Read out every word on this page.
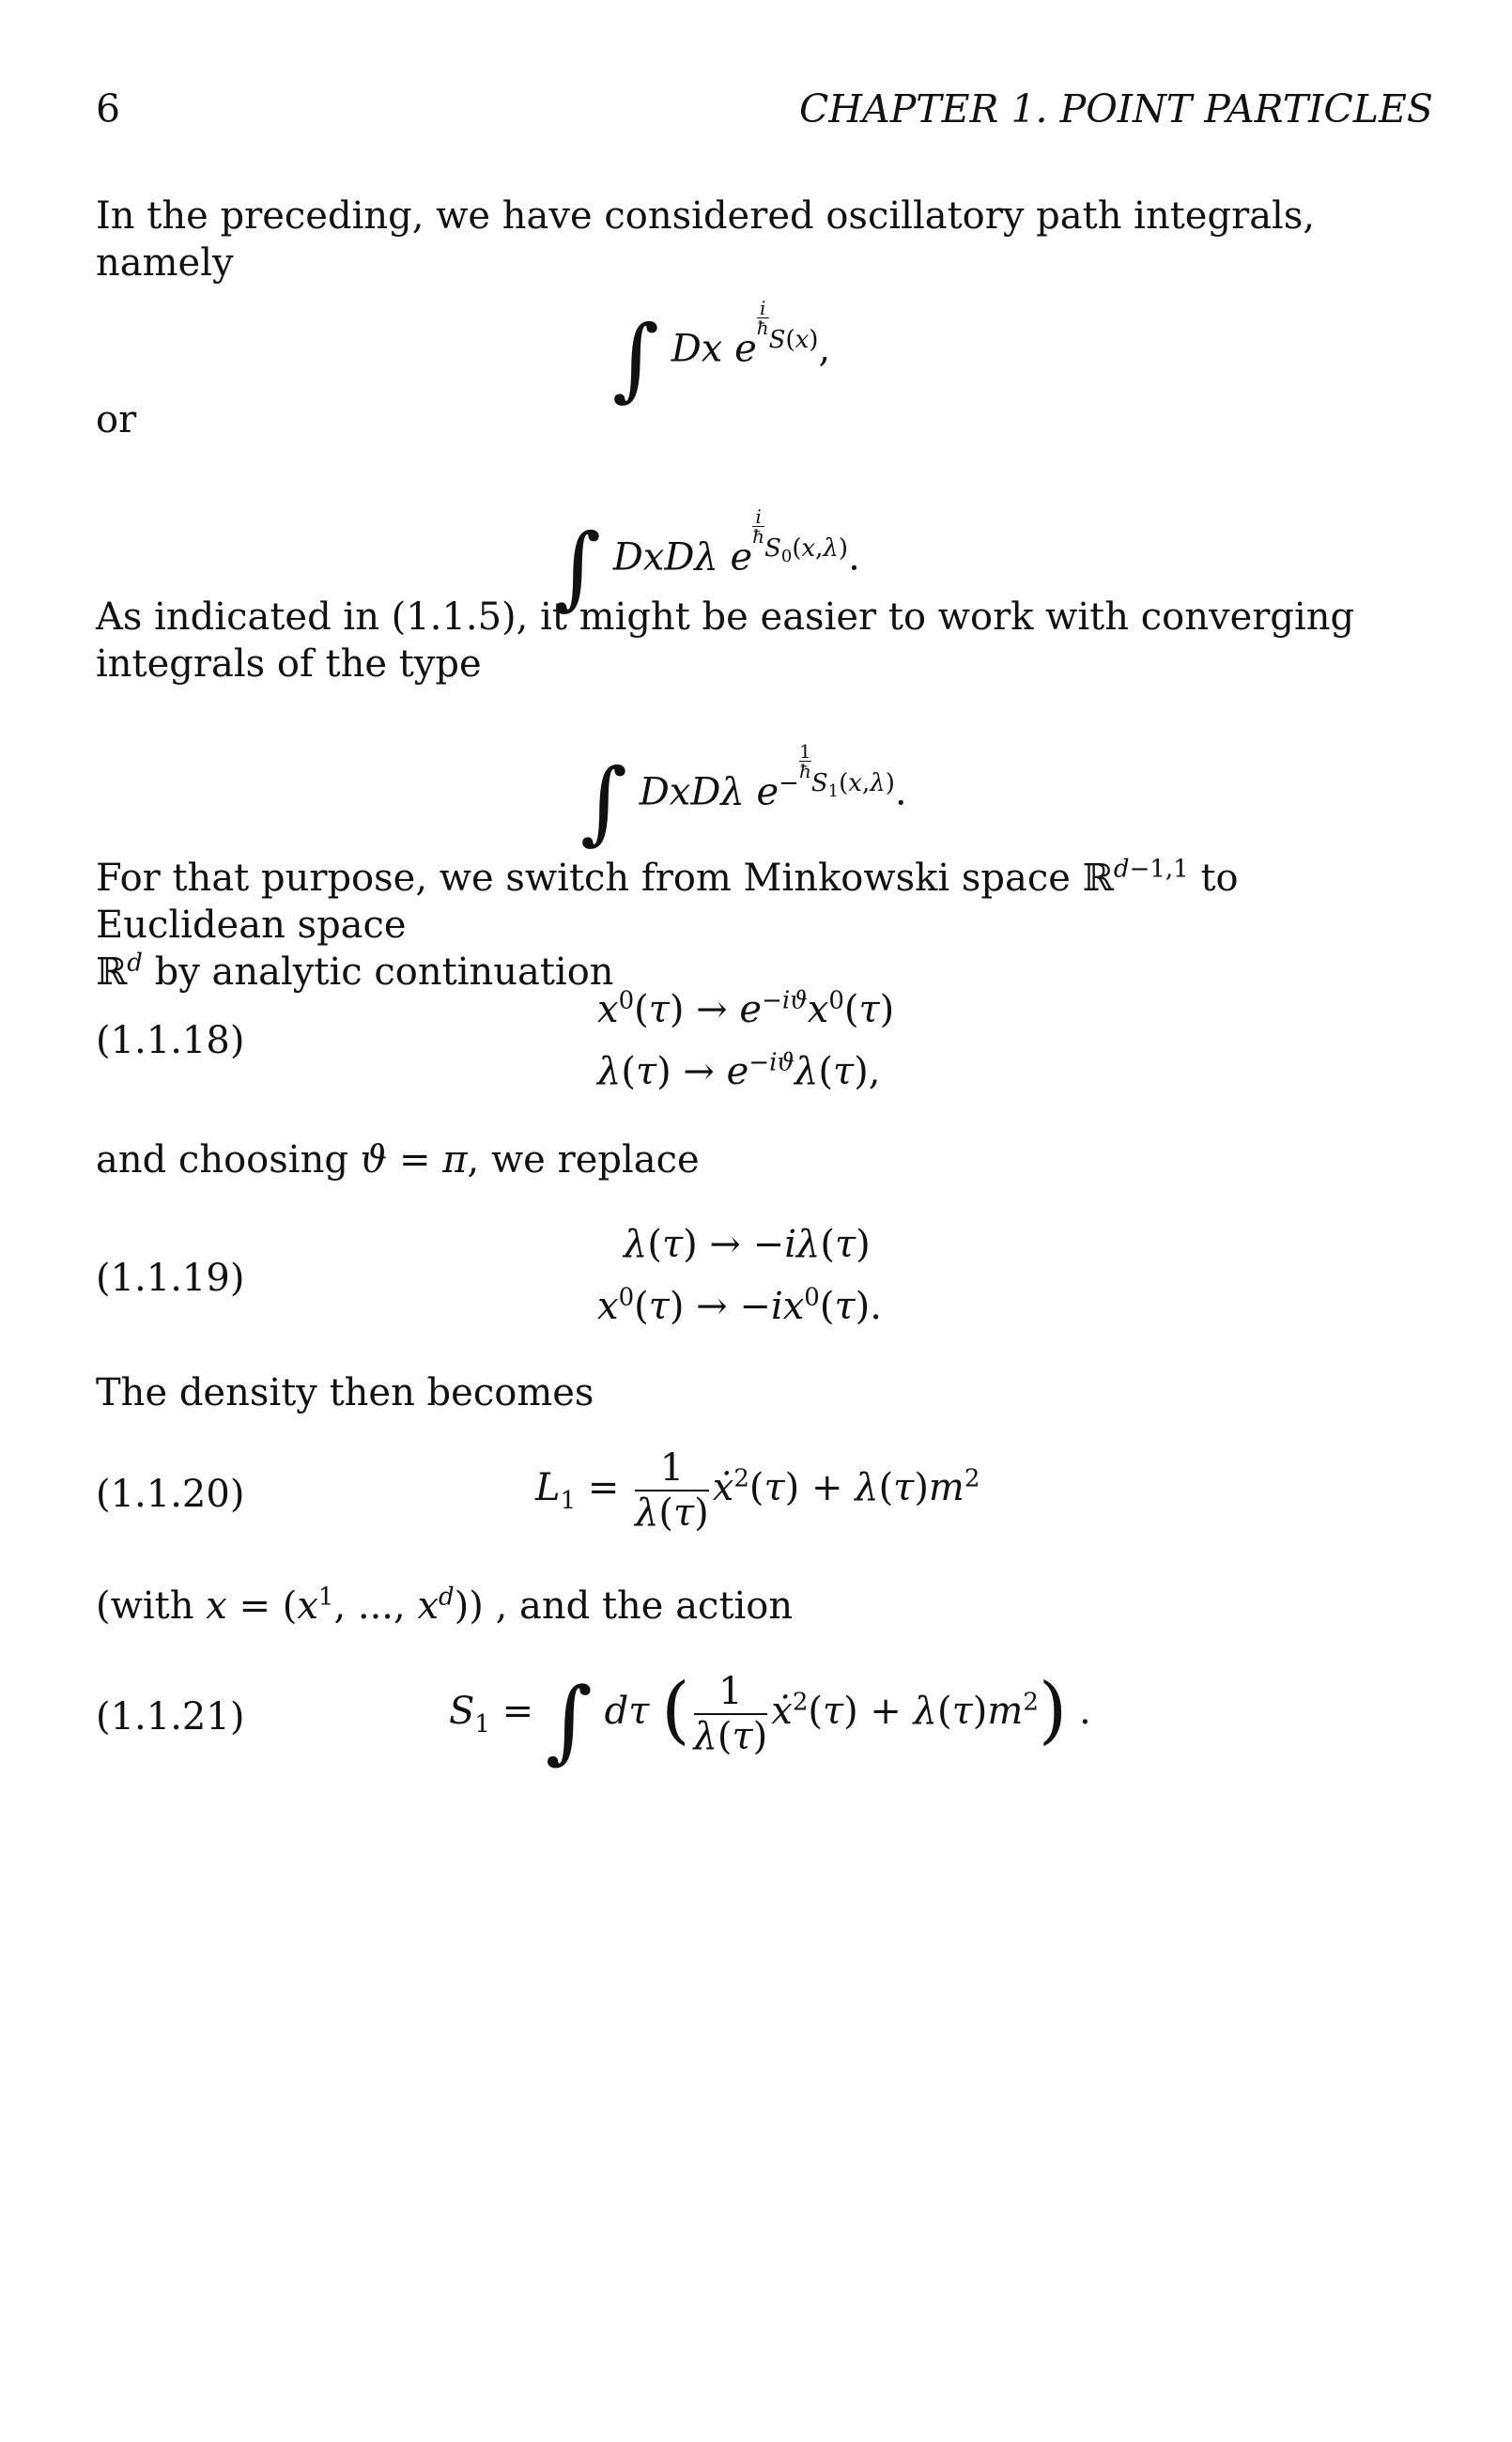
6	CHAPTER 1. POINT PARTICLES
In the preceding, we have considered oscillatory path integrals, namely
∫ Dx e
$^{\frac{i}{ħ} S(x)}$,
or
∫ DxDλ e
$^{\frac{i}{ħ} S_0(x,\lambda)}$.
As indicated in (1.1.5), it might be easier to work with converging integrals of the type
∫ DxDλ $e^{- \frac{1}{ħ} S_1(x,\lambda)}$.
For that purpose, we switch from Minkowski space ℝ$^{d-1,1}$ to Euclidean space
ℝ$^d$ by analytic continuation
(1.1.18)
$x^0(\tau) \to e^{-iϑ}x^0(\tau)$
$\lambda(\tau) \to e^{-iϑ}\lambda(\tau)$,
and choosing ϑ = π, we replace
(1.1.19)
λ(τ) → −iλ(τ)
$x^0(\tau) \to -ix^0(\tau)$.
The density then becomes
(1.1.20)	$L_1 = \frac{1}{\lambda(\tau)}$ ẋ$^2$(τ) + $\lambda(\tau)m^2$
(with $x = (x^1$, ..., $x^d$)) , and the action
(1.1.21)	$S_1$ = ∫ dτ ( $\frac{1}{\lambda(\tau)}$ ẋ$^2$(τ) + $\lambda(\tau)m^2$) .
